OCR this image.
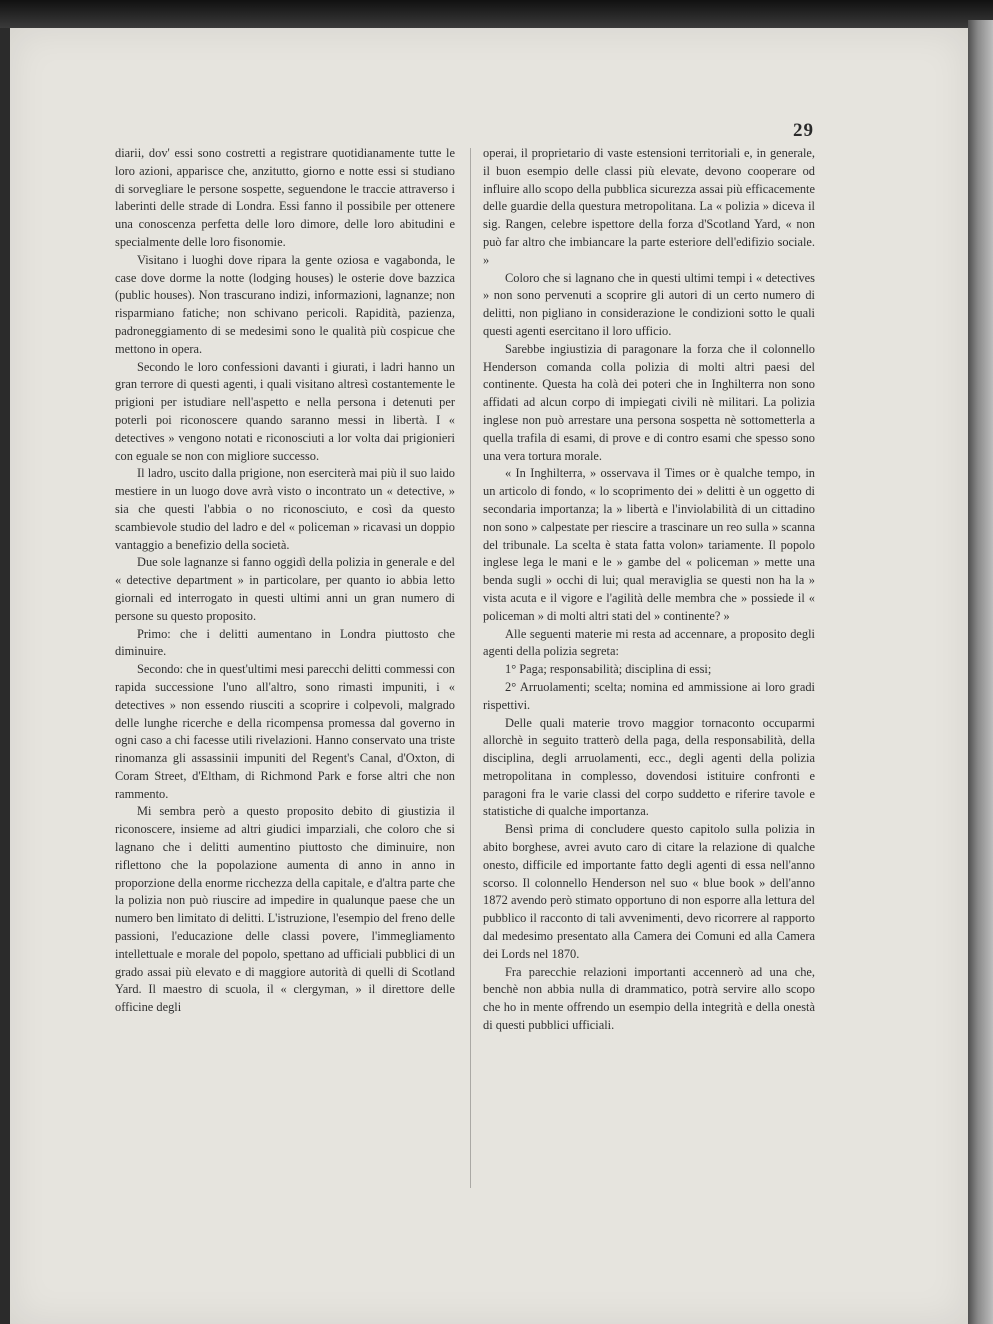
29

diarii, dov' essi sono costretti a registrare quotidianamente tutte le loro azioni, apparisce che, anzitutto, giorno e notte essi si studiano di sorvegliare le persone sospette, seguendone le traccie attraverso i laberinti delle strade di Londra. Essi fanno il possibile per ottenere una conoscenza perfetta delle loro dimore, delle loro abitudini e specialmente delle loro fisonomie.

Visitano i luoghi dove ripara la gente oziosa e vagabonda, le case dove dorme la notte (lodging houses) le osterie dove bazzica (public houses). Non trascurano indizi, informazioni, lagnanze; non risparmiano fatiche; non schivano pericoli. Rapidità, pazienza, padroneggiamento di se medesimi sono le qualità più cospicue che mettono in opera.

Secondo le loro confessioni davanti i giurati, i ladri hanno un gran terrore di questi agenti, i quali visitano altresì costantemente le prigioni per istudiare nell'aspetto e nella persona i detenuti per poterli poi riconoscere quando saranno messi in libertà. I « detectives » vengono notati e riconosciuti a lor volta dai prigionieri con eguale se non con migliore successo.

Il ladro, uscito dalla prigione, non eserciterà mai più il suo laido mestiere in un luogo dove avrà visto o incontrato un « detective, » sia che questi l'abbia o no riconosciuto, e così da questo scambievole studio del ladro e del « policeman » ricavasi un doppio vantaggio a benefizio della società.

Due sole lagnanze si fanno oggidì della polizia in generale e del « detective department » in particolare, per quanto io abbia letto giornali ed interrogato in questi ultimi anni un gran numero di persone su questo proposito.

Primo: che i delitti aumentano in Londra piuttosto che diminuire.

Secondo: che in quest'ultimi mesi parecchi delitti commessi con rapida successione l'uno all'altro, sono rimasti impuniti, i « detectives » non essendo riusciti a scoprire i colpevoli, malgrado delle lunghe ricerche e della ricompensa promessa dal governo in ogni caso a chi facesse utili rivelazioni. Hanno conservato una triste rinomanza gli assassinii impuniti del Regent's Canal, d'Oxton, di Coram Street, d'Eltham, di Richmond Park e forse altri che non rammento.

Mi sembra però a questo proposito debito di giustizia il riconoscere, insieme ad altri giudici imparziali, che coloro che si lagnano che i delitti aumentino piuttosto che diminuire, non riflettono che la popolazione aumenta di anno in anno in proporzione della enorme ricchezza della capitale, e d'altra parte che la polizia non può riuscire ad impedire in qualunque paese che un numero ben limitato di delitti. L'istruzione, l'esempio del freno delle passioni, l'educazione delle classi povere, l'immegliamento intellettuale e morale del popolo, spettano ad ufficiali pubblici di un grado assai più elevato e di maggiore autorità di quelli di Scotland Yard. Il maestro di scuola, il « clergyman, » il direttore delle officine degli

operai, il proprietario di vaste estensioni territoriali e, in generale, il buon esempio delle classi più elevate, devono cooperare od influire allo scopo della pubblica sicurezza assai più efficacemente delle guardie della questura metropolitana. La « polizia » diceva il sig. Rangen, celebre ispettore della forza d'Scotland Yard, « non può far altro che imbiancare la parte esteriore dell'edifizio sociale. »

Coloro che si lagnano che in questi ultimi tempi i « detectives » non sono pervenuti a scoprire gli autori di un certo numero di delitti, non pigliano in considerazione le condizioni sotto le quali questi agenti esercitano il loro ufficio.

Sarebbe ingiustizia di paragonare la forza che il colonnello Henderson comanda colla polizia di molti altri paesi del continente. Questa ha colà dei poteri che in Inghilterra non sono affidati ad alcun corpo di impiegati civili nè militari. La polizia inglese non può arrestare una persona sospetta nè sottometterla a quella trafila di esami, di prove e di contro esami che spesso sono una vera tortura morale.

« In Inghilterra, » osservava il Times or è qualche tempo, in un articolo di fondo, « lo scoprimento dei » delitti è un oggetto di secondaria importanza; la » libertà e l'inviolabilità di un cittadino non sono » calpestate per riescire a trascinare un reo sulla » scanna del tribunale. La scelta è stata fatta volon» tariamente. Il popolo inglese lega le mani e le » gambe del « policeman » mette una benda sugli » occhi di lui; qual meraviglia se questi non ha la » vista acuta e il vigore e l'agilità delle membra che » possiede il « policeman » di molti altri stati del » continente? »

Alle seguenti materie mi resta ad accennare, a proposito degli agenti della polizia segreta:

1° Paga; responsabilità; disciplina di essi;

2° Arruolamenti; scelta; nomina ed ammissione ai loro gradi rispettivi.

Delle quali materie trovo maggior tornaconto occuparmi allorchè in seguito tratterò della paga, della responsabilità, della disciplina, degli arruolamenti, ecc., degli agenti della polizia metropolitana in complesso, dovendosi istituire confronti e paragoni fra le varie classi del corpo suddetto e riferire tavole e statistiche di qualche importanza.

Bensì prima di concludere questo capitolo sulla polizia in abito borghese, avrei avuto caro di citare la relazione di qualche onesto, difficile ed importante fatto degli agenti di essa nell'anno scorso. Il colonnello Henderson nel suo « blue book » dell'anno 1872 avendo però stimato opportuno di non esporre alla lettura del pubblico il racconto di tali avvenimenti, devo ricorrere al rapporto dal medesimo presentato alla Camera dei Comuni ed alla Camera dei Lords nel 1870.

Fra parecchie relazioni importanti accennerò ad una che, benchè non abbia nulla di drammatico, potrà servire allo scopo che ho in mente offrendo un esempio della integrità e della onestà di questi pubblici ufficiali.
